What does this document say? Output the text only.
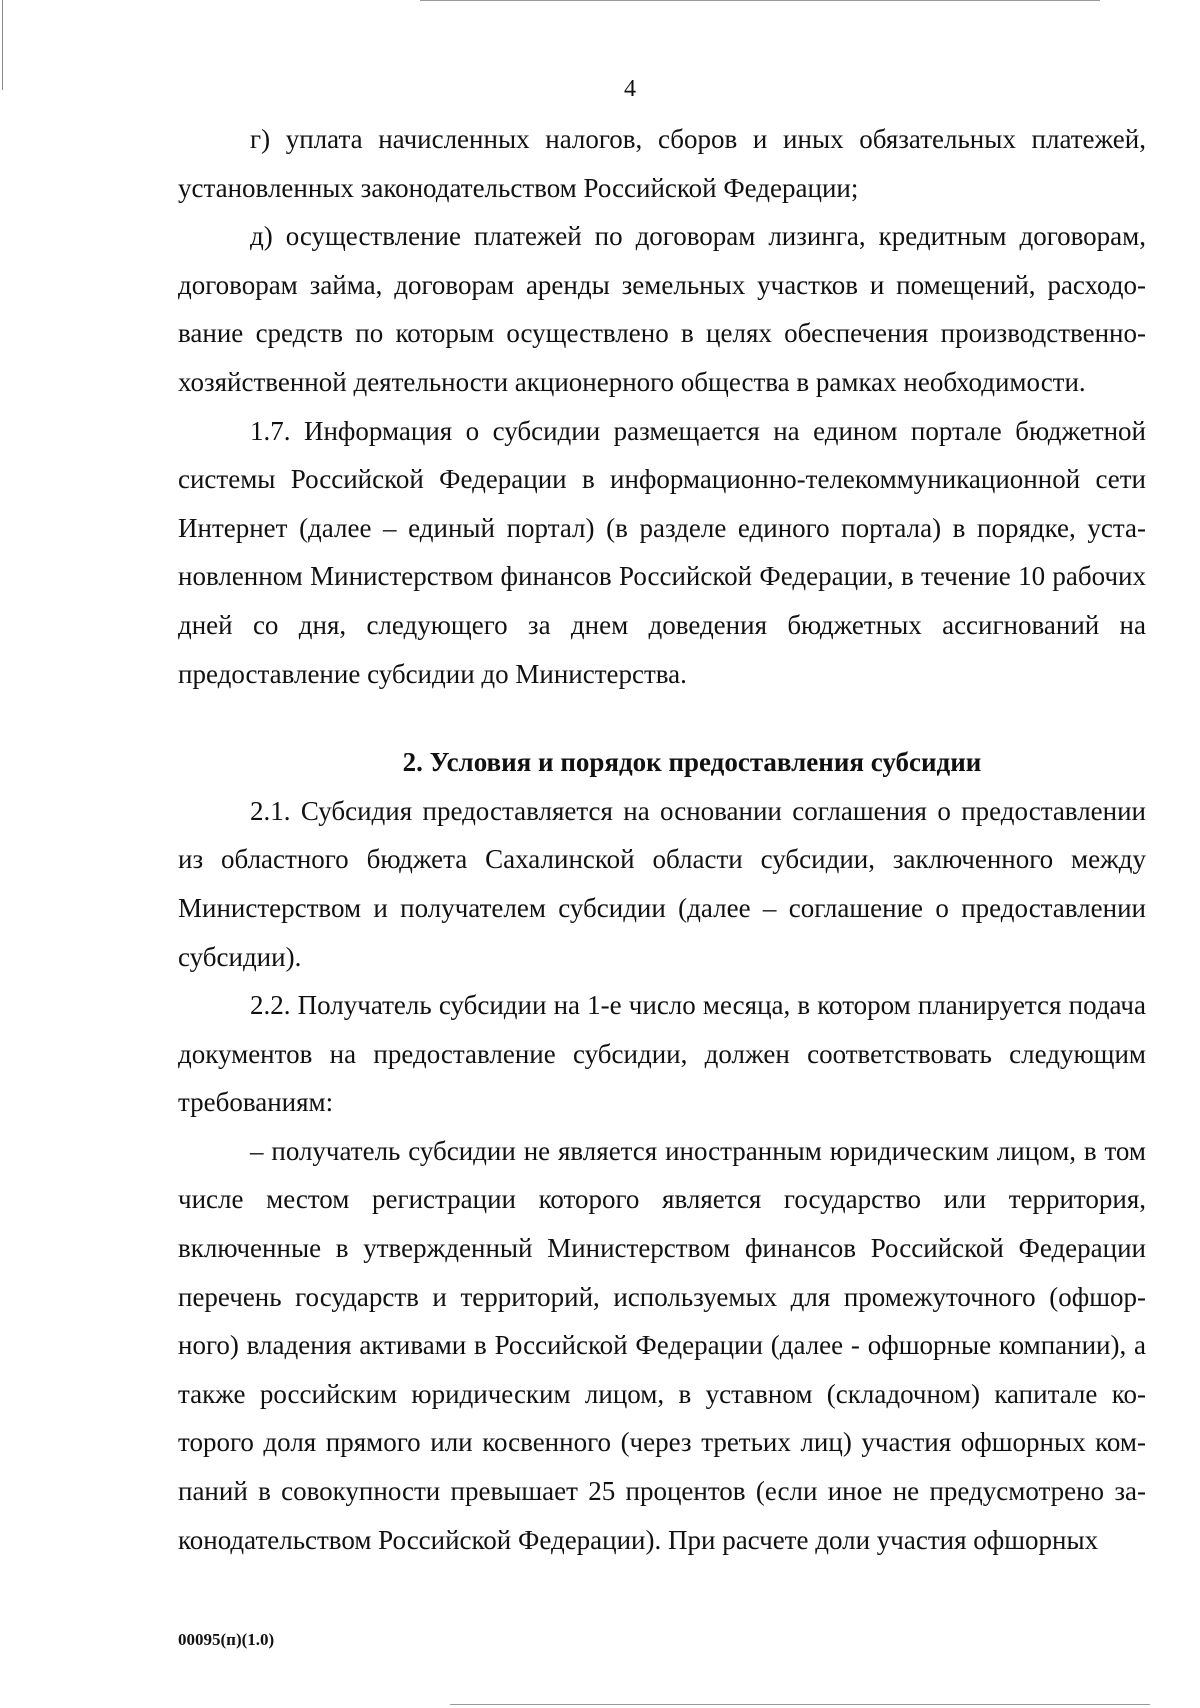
4

г) уплата начисленных налогов, сборов и иных обязательных платежей, установленных законодательством Российской Федерации;

д) осуществление платежей по договорам лизинга, кредитным договорам, договорам займа, договорам аренды земельных участков и помещений, расходование средств по которым осуществлено в целях обеспечения производственно-хозяйственной деятельности акционерного общества в рамках необходимости.

1.7. Информация о субсидии размещается на едином портале бюджетной системы Российской Федерации в информационно-телекоммуникационной сети Интернет (далее – единый портал) (в разделе единого портала) в порядке, установленном Министерством финансов Российской Федерации, в течение 10 рабочих дней со дня, следующего за днем доведения бюджетных ассигнований на предоставление субсидии до Министерства.

2. Условия и порядок предоставления субсидии

2.1. Субсидия предоставляется на основании соглашения о предоставлении из областного бюджета Сахалинской области субсидии, заключенного между Министерством и получателем субсидии (далее – соглашение о предоставлении субсидии).

2.2. Получатель субсидии на 1-е число месяца, в котором планируется подача документов на предоставление субсидии, должен соответствовать следующим требованиям:

– получатель субсидии не является иностранным юридическим лицом, в том числе местом регистрации которого является государство или территория, включенные в утвержденный Министерством финансов Российской Федерации перечень государств и территорий, используемых для промежуточного (офшорного) владения активами в Российской Федерации (далее - офшорные компании), а также российским юридическим лицом, в уставном (складочном) капитале которого доля прямого или косвенного (через третьих лиц) участия офшорных компаний в совокупности превышает 25 процентов (если иное не предусмотрено законодательством Российской Федерации). При расчете доли участия офшорных

00095(п)(1.0)
